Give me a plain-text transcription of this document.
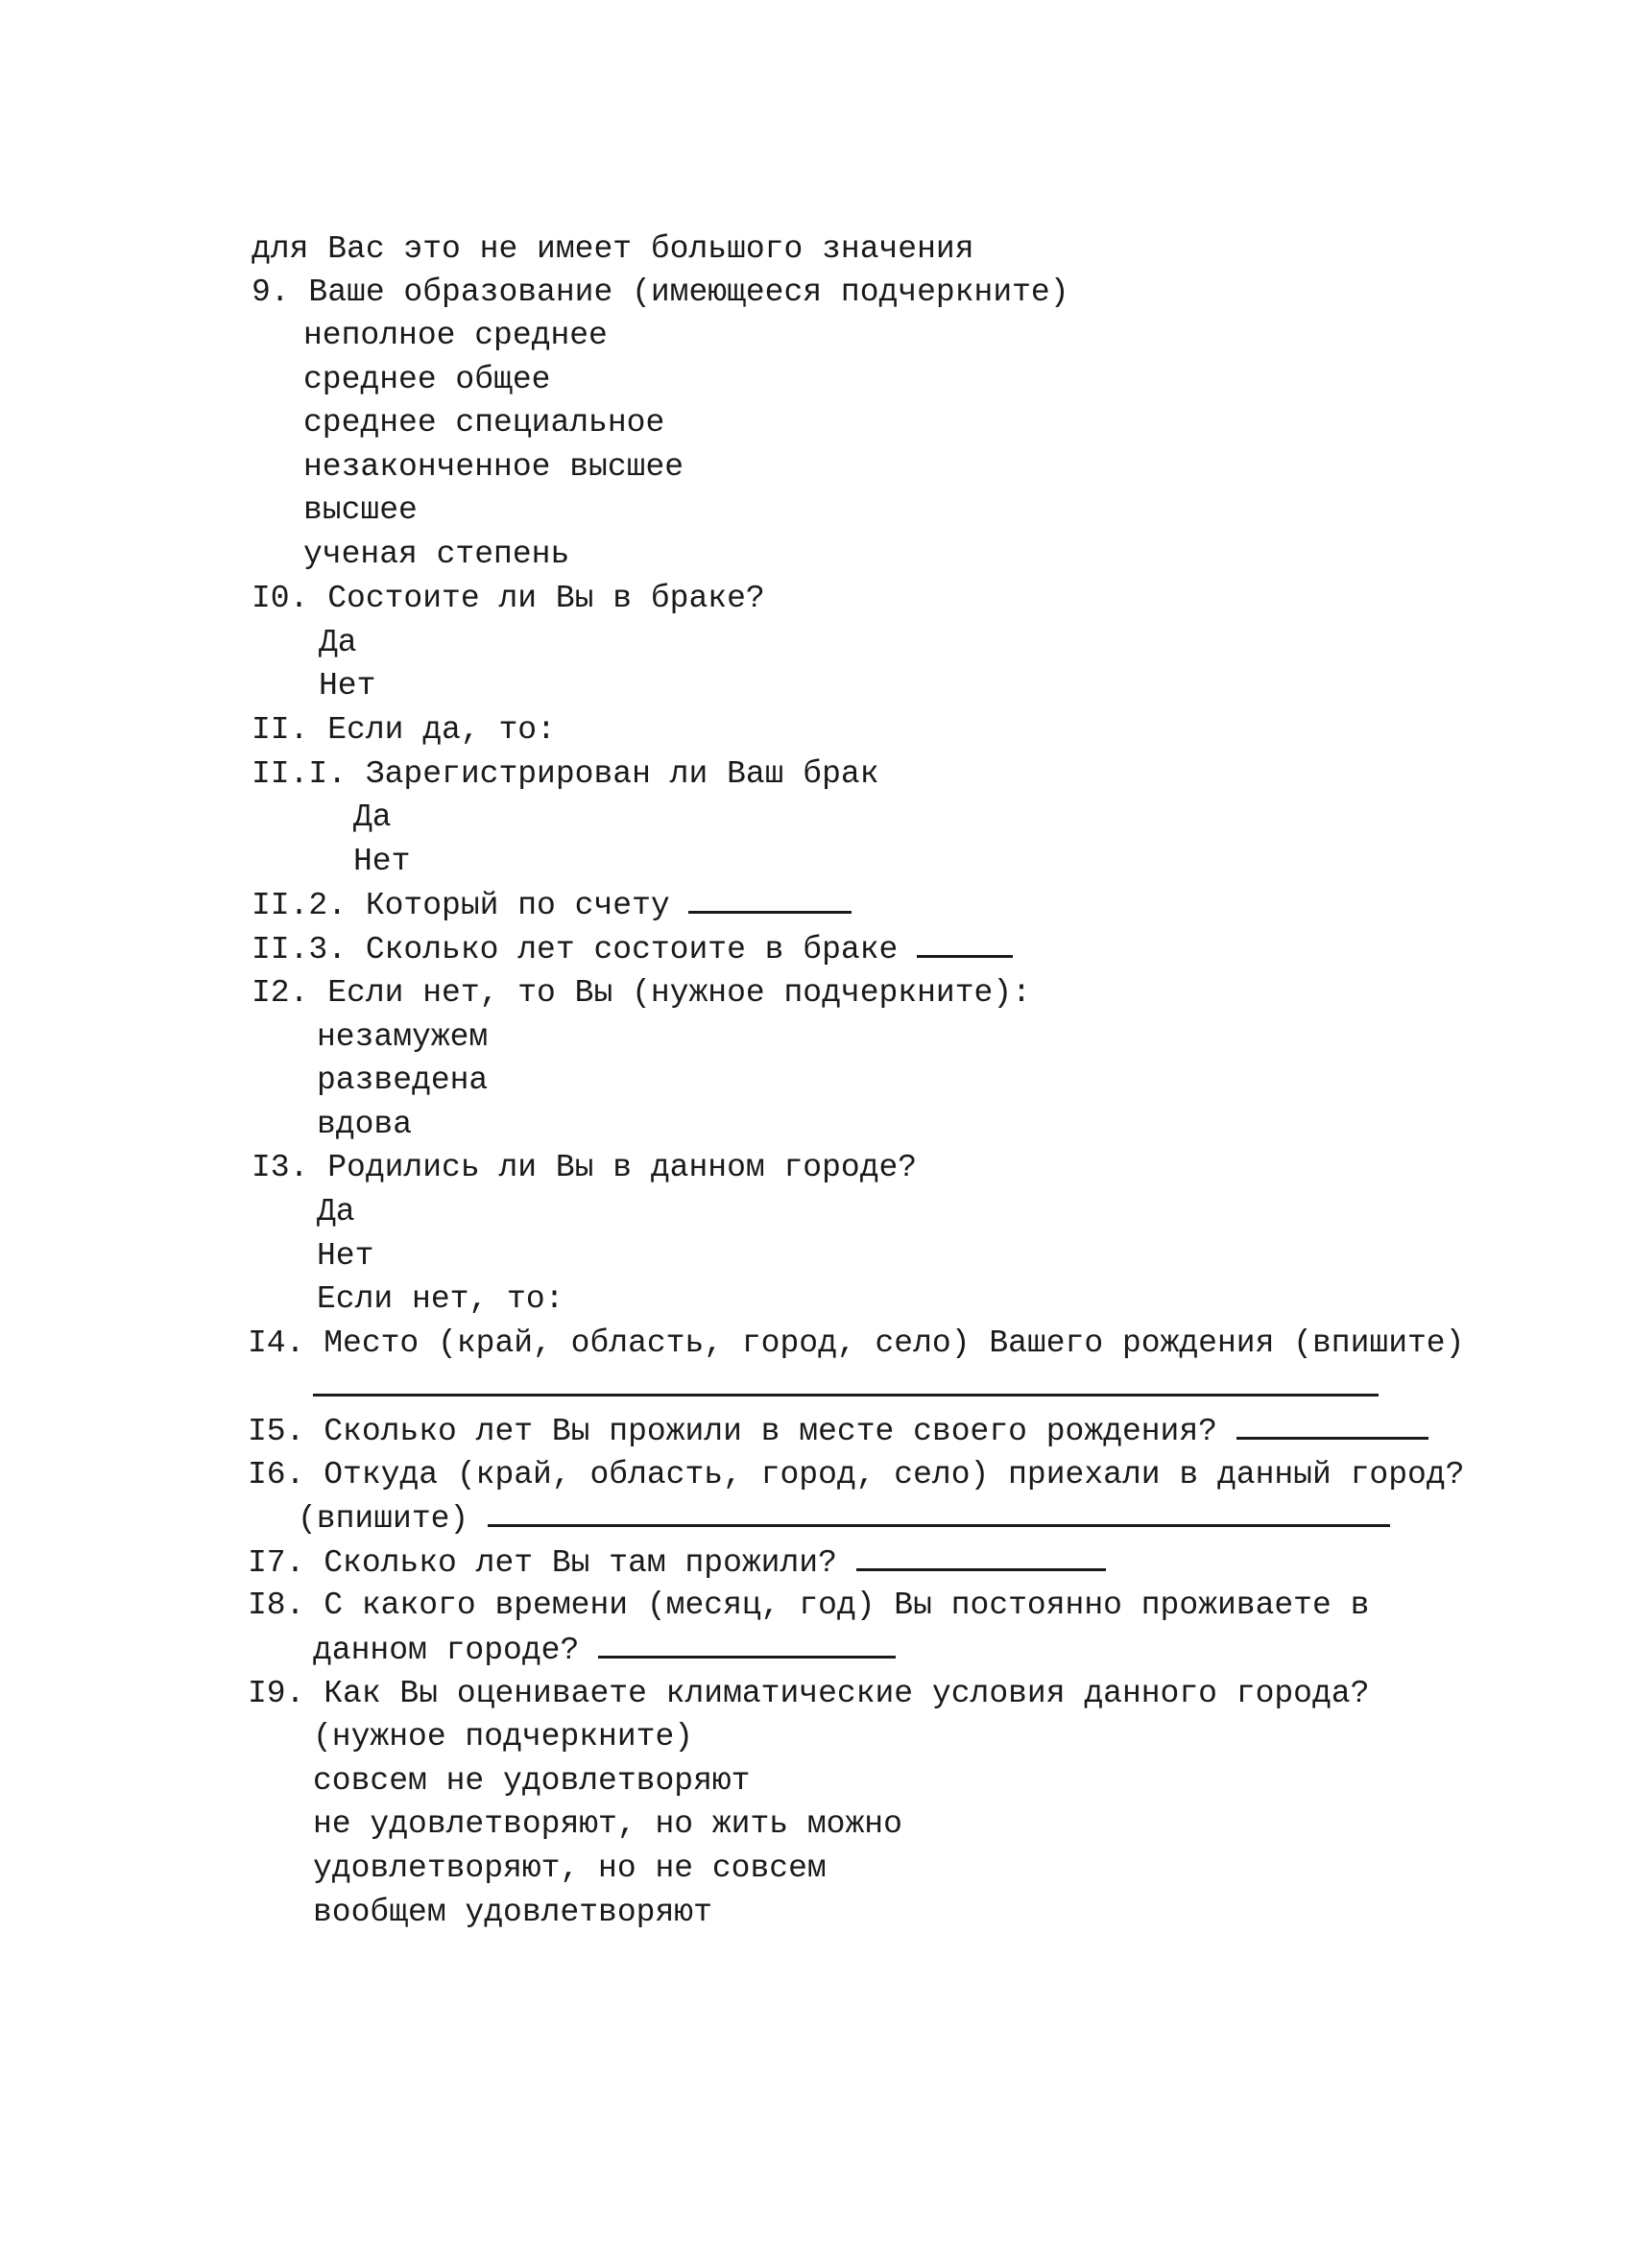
для Вас это не имеет большого значения
9. Ваше образование (имеющееся подчеркните)
неполное среднее
среднее общее
среднее специальное
незаконченное высшее
высшее
ученая степень
I0. Состоите ли Вы в браке?
Да
Нет
II. Если да, то:
II.I. Зарегистрирован ли Ваш брак
Да
Нет
II.2. Который по счету
II.3. Сколько лет состоите в браке
I2. Если нет, то Вы (нужное подчеркните):
незамужем
разведена
вдова
I3. Родились ли Вы в данном городе?
Да
Нет
Если нет, то:
I4. Место (край, область, город, село) Вашего рождения (впишите)
I5. Сколько лет Вы прожили в месте своего рождения?
I6. Откуда (край, область, город, село) приехали в данный город?
(впишите)
I7. Сколько лет Вы там прожили?
I8. С какого времени (месяц, год) Вы постоянно проживаете в
данном городе?
I9. Как Вы оцениваете климатические условия данного города?
(нужное подчеркните)
совсем не удовлетворяют
не удовлетворяют, но жить можно
удовлетворяют, но не совсем
вообщем удовлетворяют
